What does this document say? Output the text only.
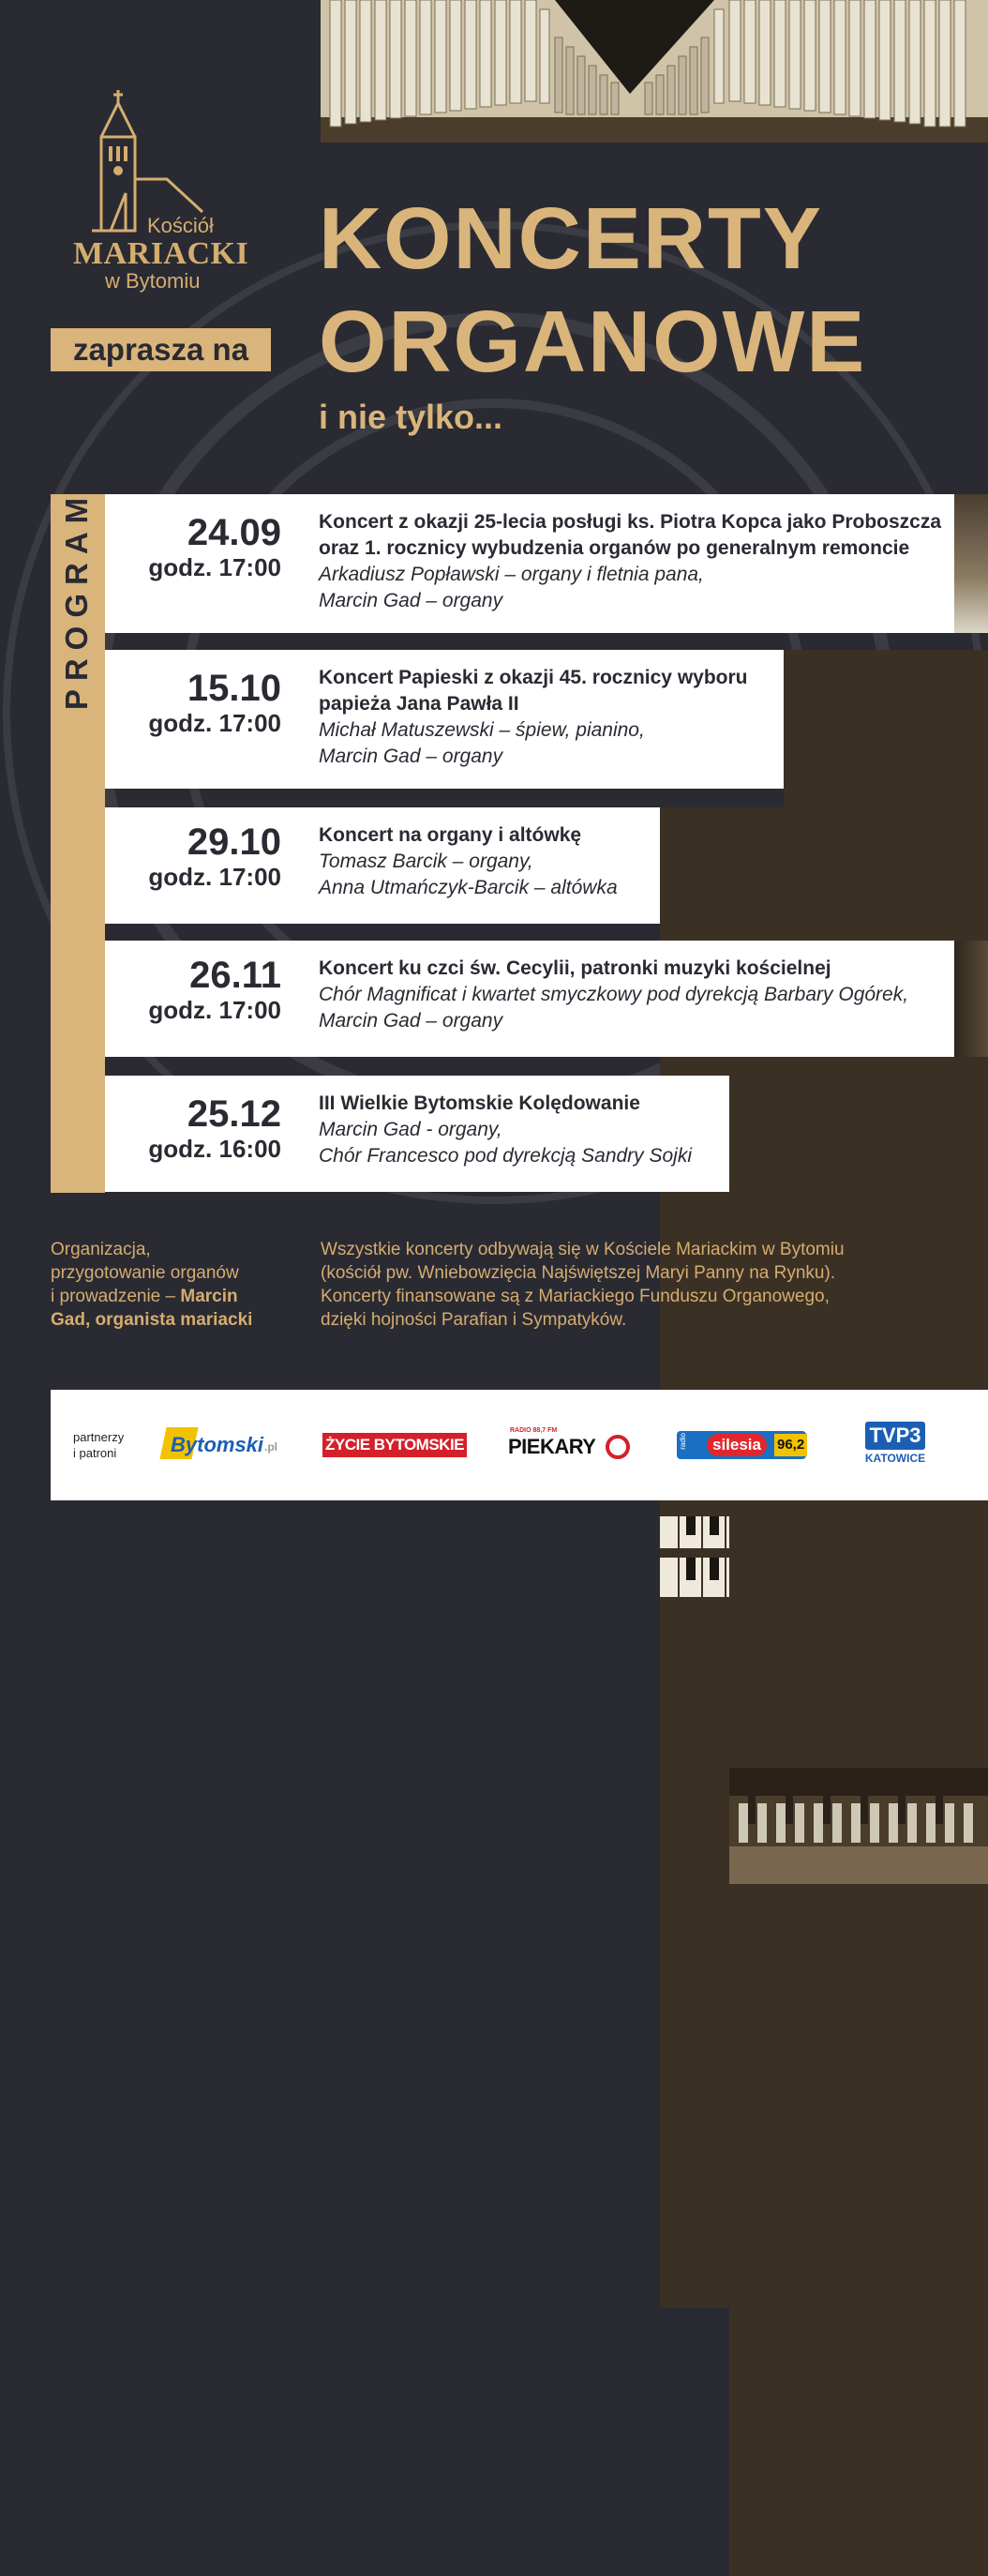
Kościół
MARIACKI
w Bytomiu
zaprasza na
KONCERTY
ORGANOWE
i nie tylko...
PROGRAM	24.09
godz. 17:00
Koncert z okazji 25-lecia posługi ks. Piotra Kopca jako Proboszcza
oraz 1. rocznicy wybudzenia organów po generalnym remoncie
Arkadiusz Popławski – organy i fletnia pana,
Marcin Gad – organy
15.10
godz. 17:00
Koncert Papieski z okazji 45. rocznicy wyboru
papieża Jana Pawła II
Michał Matuszewski – śpiew, pianino,
Marcin Gad – organy
29.10
godz. 17:00
Koncert na organy i altówkę
Tomasz Barcik – organy,
Anna Utmańczyk-Barcik – altówka
26.11
godz. 17:00
Koncert ku czci św. Cecylii, patronki muzyki kościelnej
Chór Magnificat i kwartet smyczkowy pod dyrekcją Barbary Ogórek,
Marcin Gad – organy
25.12
godz. 16:00
III Wielkie Bytomskie Kolędowanie
Marcin Gad - organy,
Chór Francesco pod dyrekcją Sandry Sojki
Organizacja,
przygotowanie organów
i prowadzenie – Marcin
Gad, organista mariacki
Wszystkie koncerty odbywają się w Kościele Mariackim w Bytomiu
(kościół pw. Wniebowzięcia Najświętszej Maryi Panny na Rynku).
Koncerty finansowane są z Mariackiego Funduszu Organowego,
dzięki hojności Parafian i Sympatyków.
partnerzy
i patroni	Bytomski .pl	ŻYCIE BYTOMSKIE
RADIO 88,7 FM
PIEKARY	radio	silesia	96,2	TVP3
KATOWICE
